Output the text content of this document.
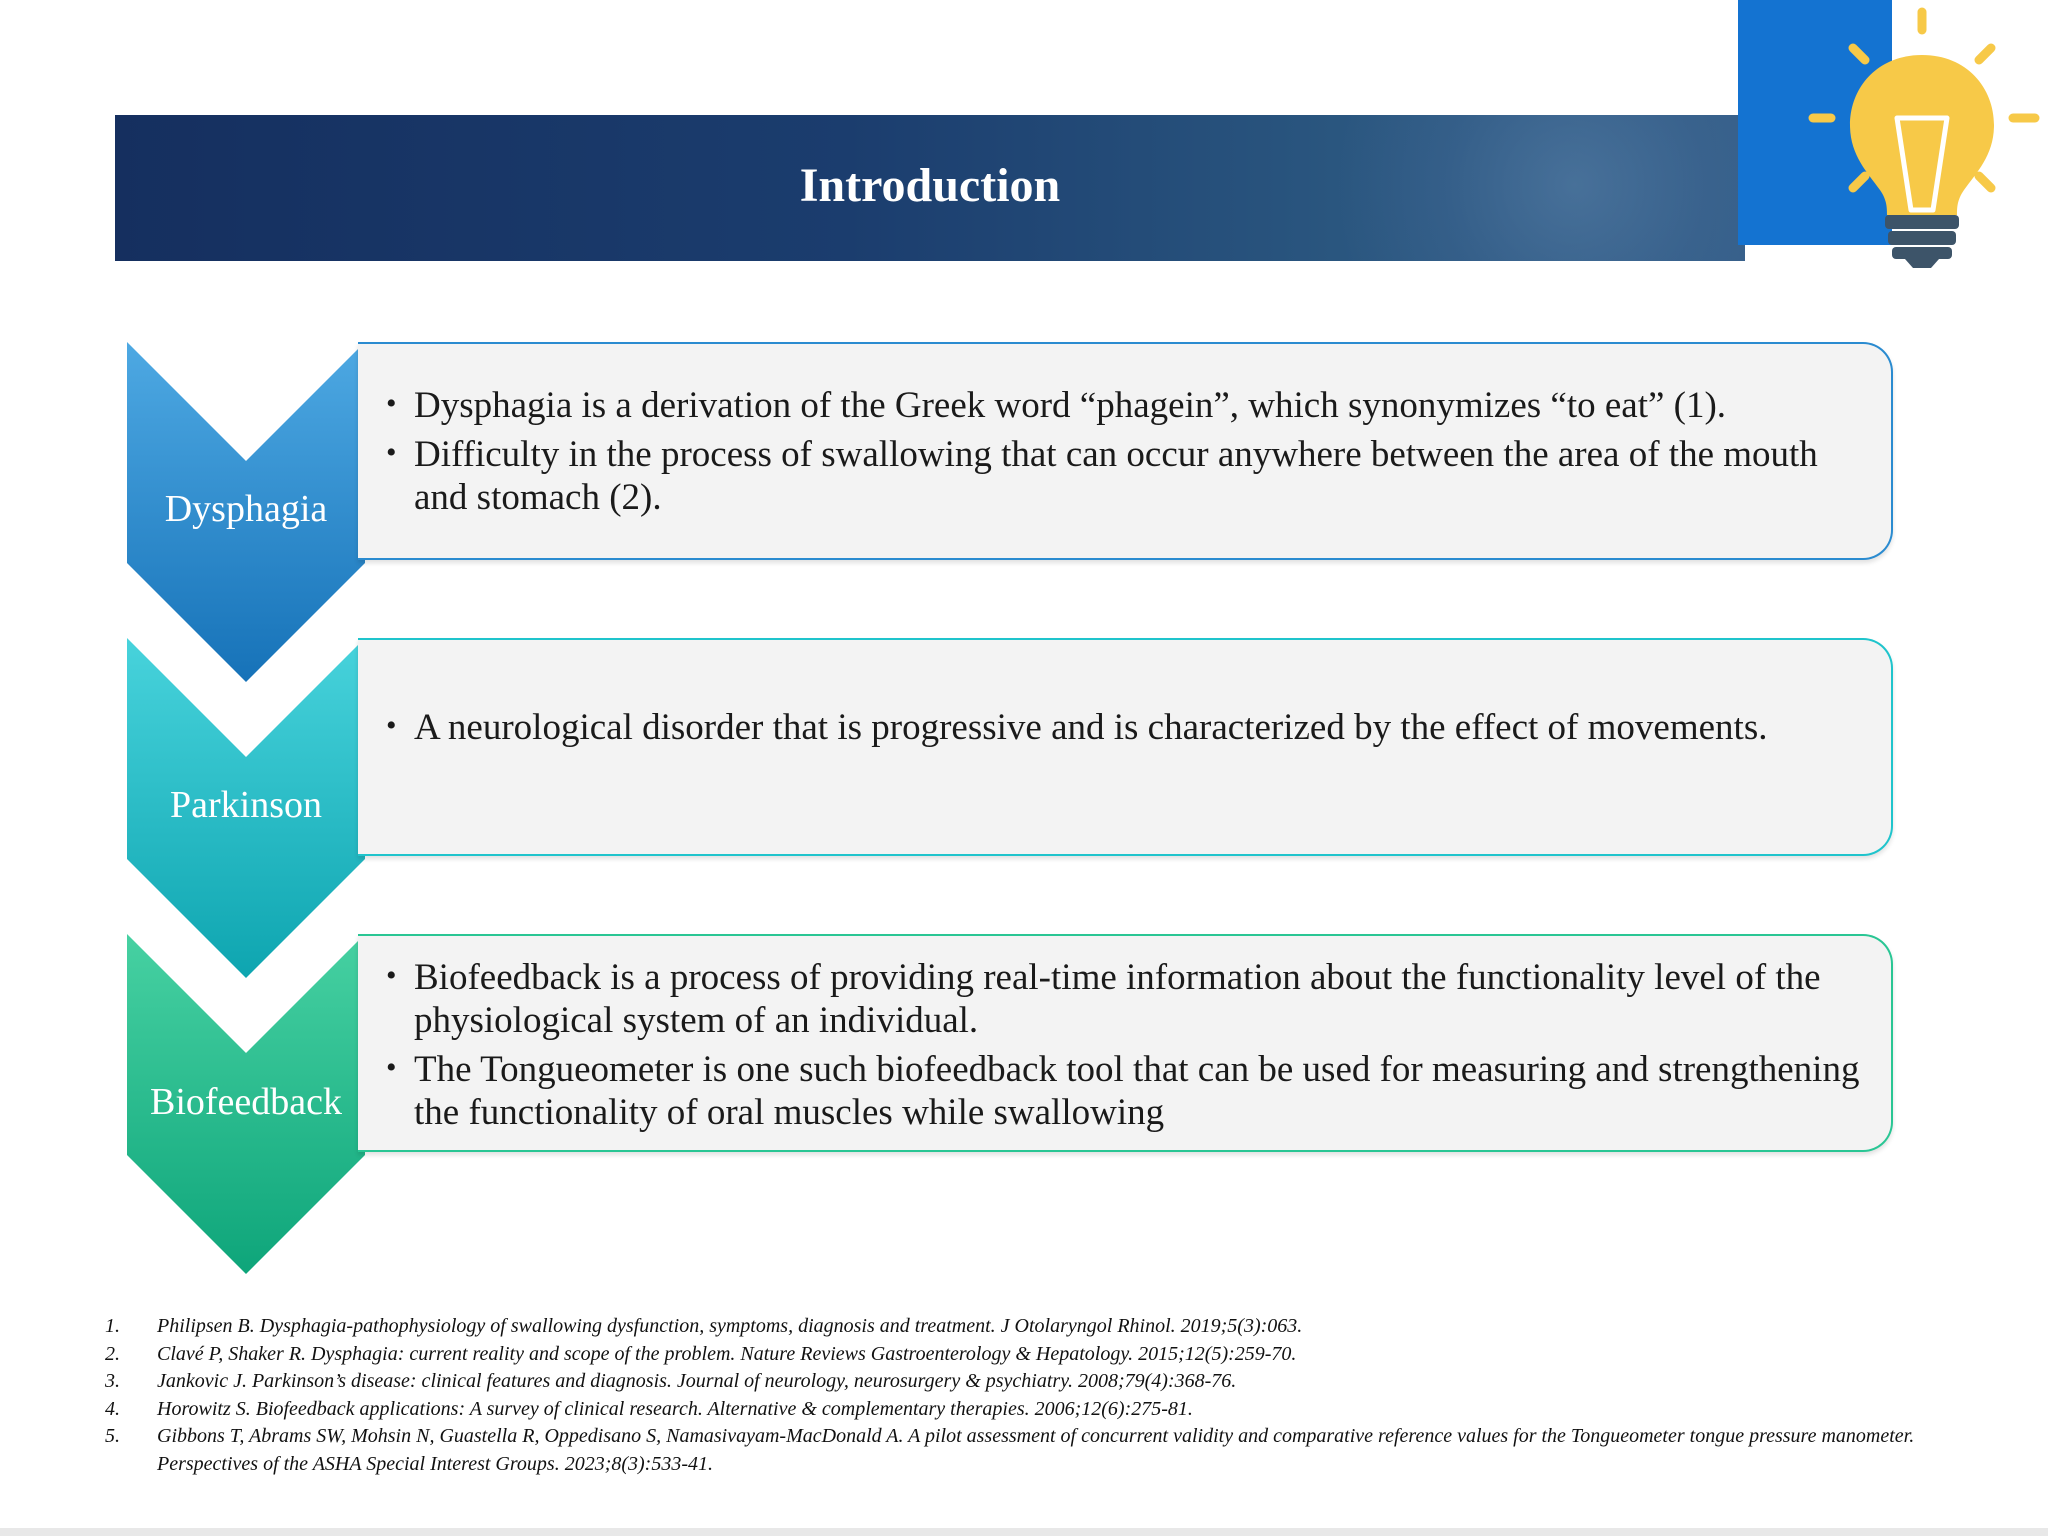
Introduction
Dysphagia
• Dysphagia is a derivation of the Greek word “phagein”, which synonymizes “to eat” (1).
• Difficulty in the process of swallowing that can occur anywhere between the area of the mouth and stomach (2).
Parkinson
• A neurological disorder that is progressive and is characterized by the effect of movements.
Biofeedback
• Biofeedback is a process of providing real-time information about the functionality level of the physiological system of an individual.
• The Tongueometer is one such biofeedback tool that can be used for measuring and strengthening the functionality of oral muscles while swallowing
1. Philipsen B. Dysphagia-pathophysiology of swallowing dysfunction, symptoms, diagnosis and treatment. J Otolaryngol Rhinol. 2019;5(3):063.
2. Clavé P, Shaker R. Dysphagia: current reality and scope of the problem. Nature Reviews Gastroenterology & Hepatology. 2015;12(5):259-70.
3. Jankovic J. Parkinson’s disease: clinical features and diagnosis. Journal of neurology, neurosurgery & psychiatry. 2008;79(4):368-76.
4. Horowitz S. Biofeedback applications: A survey of clinical research. Alternative & complementary therapies. 2006;12(6):275-81.
5. Gibbons T, Abrams SW, Mohsin N, Guastella R, Oppedisano S, Namasivayam-MacDonald A. A pilot assessment of concurrent validity and comparative reference values for the Tongueometer tongue pressure manometer. Perspectives of the ASHA Special Interest Groups. 2023;8(3):533-41.
